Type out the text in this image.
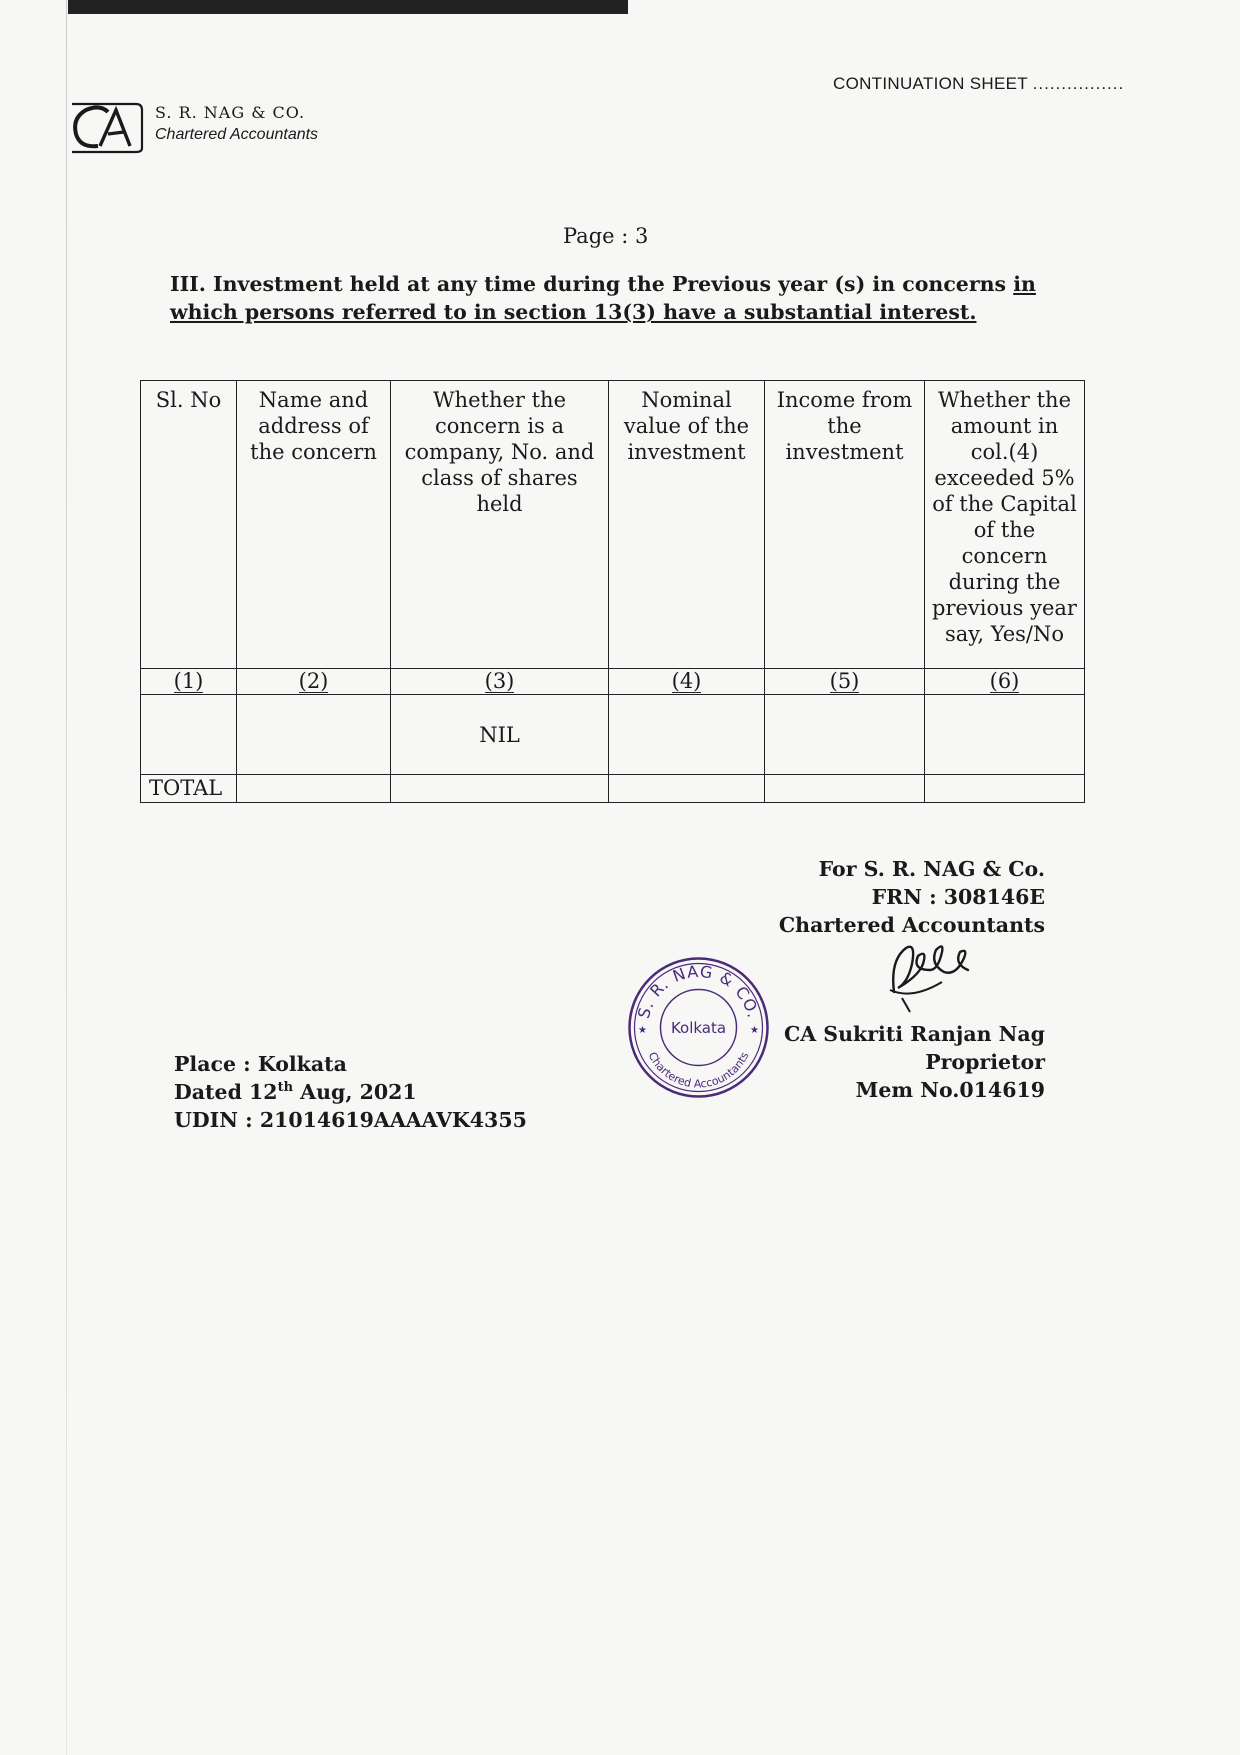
CONTINUATION SHEET ................
S. R. NAG & CO.
Chartered Accountants
Page : 3
III. Investment held at any time during the Previous year (s) in concerns in which persons referred to in section 13(3) have a substantial interest.
Sl. No	Name and address of the concern	Whether the concern is a company, No. and class of shares held	Nominal value of the investment	Income from the investment	Whether the amount in col.(4) exceeded 5% of the Capital of the concern during the previous year say, Yes/No
(1)	(2)	(3)	(4)	(5)	(6)
		NIL			
TOTAL					
For S. R. NAG & Co.
FRN : 308146E
Chartered Accountants
S. R. NAG & CO.
Chartered Accountants
Kolkata
★	★	CA Sukriti Ranjan Nag
Proprietor
Mem No.014619
Place : Kolkata
Dated 12th Aug, 2021
UDIN : 21014619AAAAVK4355
